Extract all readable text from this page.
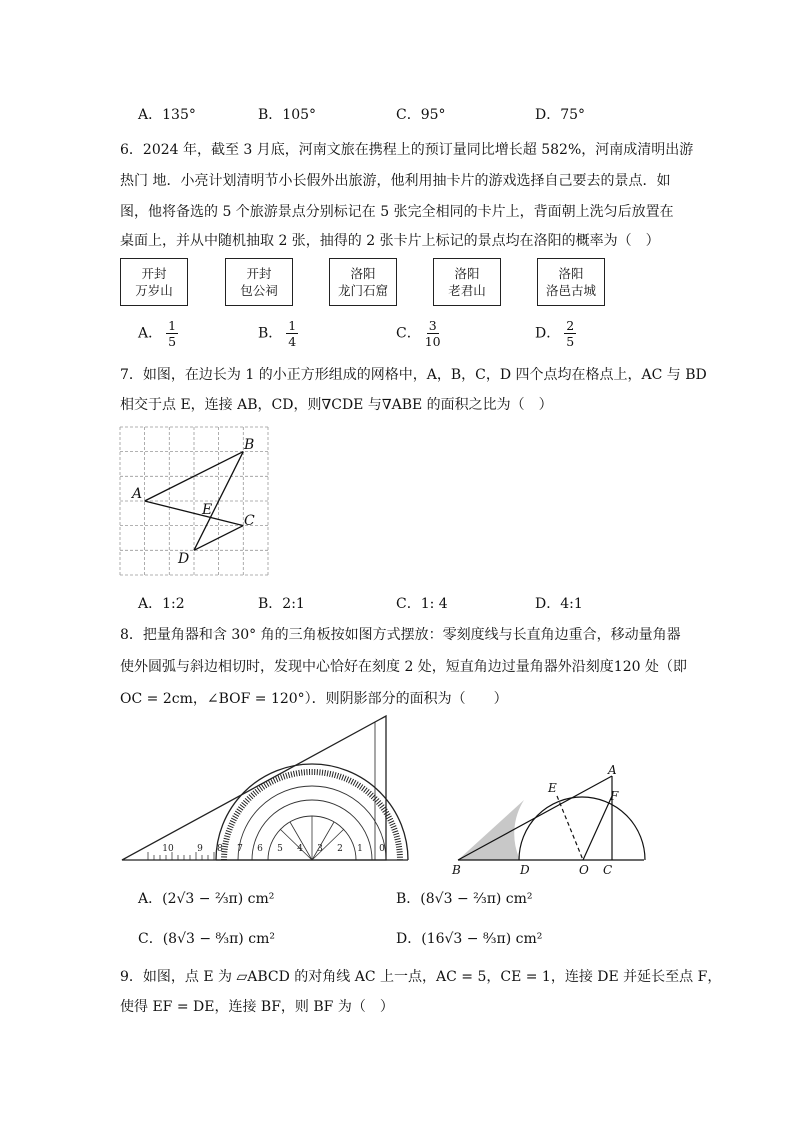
A．135°	B．105°	C．95°	D．75°
6．2024 年，截至 3 月底，河南文旅在携程上的预订量同比增长超 582%，河南成清明出游
热门 地．小亮计划清明节小长假外出旅游，他利用抽卡片的游戏选择自己要去的景点．如
图，他将备选的 5 个旅游景点分别标记在 5 张完全相同的卡片上，背面朝上洗匀后放置在
桌面上，并从中随机抽取 2 张，抽得的 2 张卡片上标记的景点均在洛阳的概率为（　）
开封
万岁山
开封
包公祠
洛阳
龙门石窟
洛阳
老君山
洛阳
洛邑古城
A． $\frac{1}{5}$	B． $\frac{1}{4}$	C． $\frac{3}{10}$	D． $\frac{2}{5}$
7．如图，在边长为 1 的小正方形组成的网格中，A，B，C，D 四个点均在格点上，AC 与 BD
相交于点 E，连接 AB，CD，则∇CDE 与∇ABE 的面积之比为（　）
A
B
C
D
E
A．1:2	B．2:1	C．1: 4	D．4:1
8．把量角器和含 30° 角的三角板按如图方式摆放：零刻度线与长直角边重合，移动量角器
使外圆弧与斜边相切时，发现中心恰好在刻度 2 处，短直角边过量角器外沿刻度120 处（即
OC = 2cm，∠BOF = 120°）．则阴影部分的面积为（　　）
10	9 8 7 6 5 4 3 2 1 0
A
E
F
B	D	O C
A．(2√3 − ⅔π) cm²	B．(8√3 − ⅔π) cm²
C．(8√3 − ⁸⁄₃π) cm²	D．(16√3 − ⁸⁄₃π) cm²
9．如图，点 E 为 ▱ABCD 的对角线 AC 上一点，AC = 5，CE = 1，连接 DE 并延长至点 F，
使得 EF = DE，连接 BF，则 BF 为（　）
